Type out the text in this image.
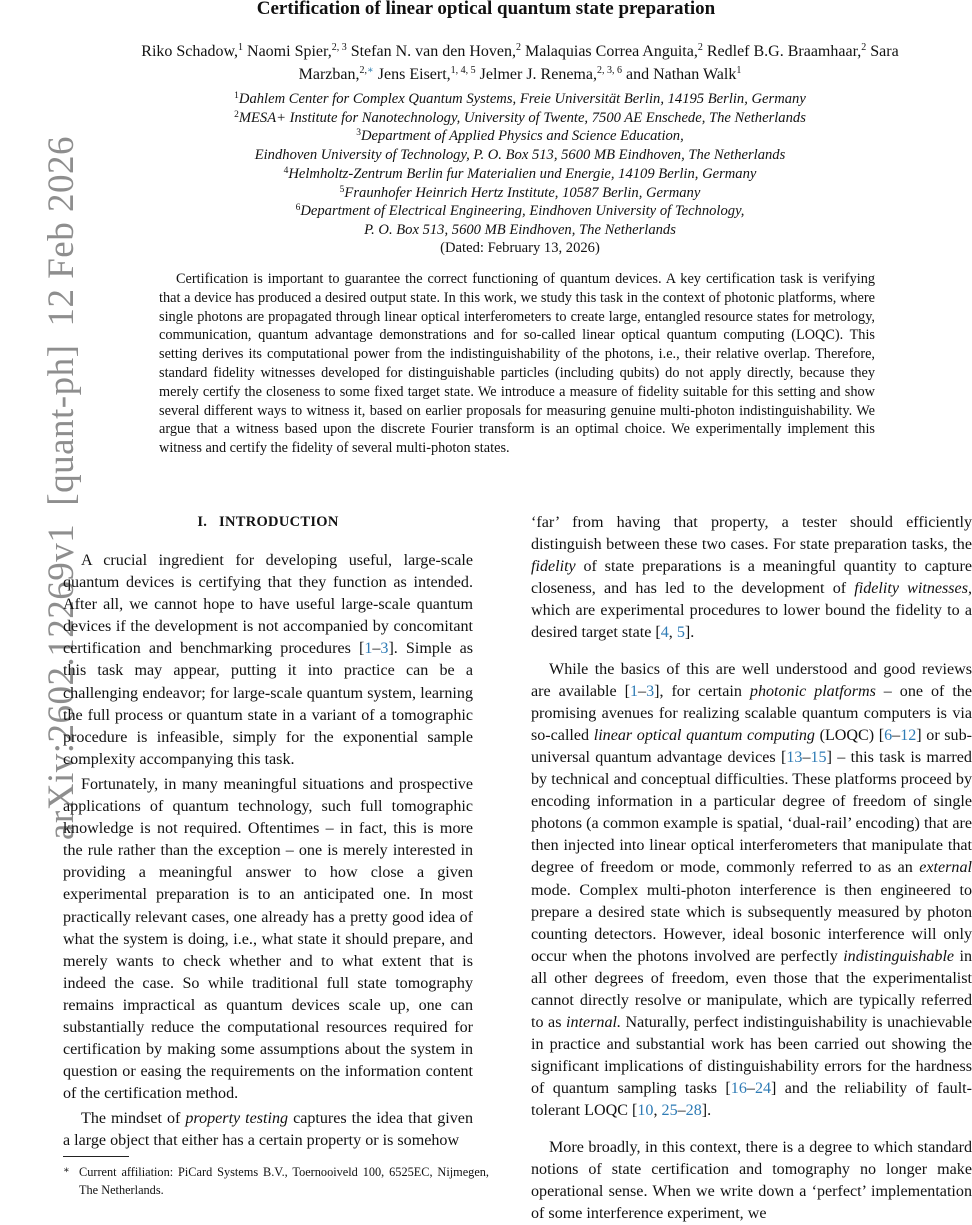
arXiv:2602.12269v1[quant-ph]12 Feb 2026
Certification of linear optical quantum state preparation
Riko Schadow,$^1$ Naomi Spier,$^{2, 3}$ Stefan N. van den Hoven,$^2$ Malaquias Correa Anguita,$^2$ Redlef B.G. Braamhaar,$^2$ Sara Marzban,$^{2,∗}$ Jens Eisert,$^{1, 4, 5}$ Jelmer J. Renema,$^{2, 3, 6}$ and Nathan Walk$^1$
$^1$Dahlem Center for Complex Quantum Systems, Freie Universität Berlin, 14195 Berlin, Germany
$^2$MESA+ Institute for Nanotechnology, University of Twente, 7500 AE Enschede, The Netherlands
$^3$Department of Applied Physics and Science Education,
Eindhoven University of Technology, P. O. Box 513, 5600 MB Eindhoven, The Netherlands
$^4$Helmholtz-Zentrum Berlin fur Materialien und Energie, 14109 Berlin, Germany
$^5$Fraunhofer Heinrich Hertz Institute, 10587 Berlin, Germany
$^6$Department of Electrical Engineering, Eindhoven University of Technology,
P. O. Box 513, 5600 MB Eindhoven, The Netherlands
(Dated: February 13, 2026)

Certification is important to guarantee the correct functioning of quantum devices. A key certification task is verifying that a device has produced a desired output state. In this work, we study this task in the context of photonic platforms, where single photons are propagated through linear optical interferometers to create large, entangled resource states for metrology, communication, quantum advantage demonstrations and for so-called linear optical quantum computing (LOQC). This setting derives its computational power from the indistinguishability of the photons, i.e., their relative overlap. Therefore, standard fidelity witnesses developed for distinguishable particles (including qubits) do not apply directly, because they merely certify the closeness to some fixed target state. We introduce a measure of fidelity suitable for this setting and show several different ways to witness it, based on earlier proposals for measuring genuine multi-photon indistinguishability. We argue that a witness based upon the discrete Fourier transform is an optimal choice. We experimentally implement this witness and certify the fidelity of several multi-photon states.

I. INTRODUCTION

A crucial ingredient for developing useful, large-scale quantum devices is certifying that they function as intended. After all, we cannot hope to have useful large-scale quantum devices if the development is not accompanied by concomitant certification and benchmarking procedures [1–3]. Simple as this task may appear, putting it into practice can be a challenging endeavor; for large-scale quantum system, learning the full process or quantum state in a variant of a tomographic procedure is infeasible, simply for the exponential sample complexity accompanying this task.

Fortunately, in many meaningful situations and prospective applications of quantum technology, such full tomographic knowledge is not required. Oftentimes – in fact, this is more the rule rather than the exception – one is merely interested in providing a meaningful answer to how close a given experimental preparation is to an anticipated one. In most practically relevant cases, one already has a pretty good idea of what the system is doing, i.e., what state it should prepare, and merely wants to check whether and to what extent that is indeed the case. So while traditional full state tomography remains impractical as quantum devices scale up, one can substantially reduce the computational resources required for certification by making some assumptions about the system in question or easing the requirements on the information content of the certification method.

The mindset of property testing captures the idea that given a large object that either has a certain property or is somehow

‘far’ from having that property, a tester should efficiently distinguish between these two cases. For state preparation tasks, the fidelity of state preparations is a meaningful quantity to capture closeness, and has led to the development of fidelity witnesses, which are experimental procedures to lower bound the fidelity to a desired target state [4, 5].

While the basics of this are well understood and good reviews are available [1–3], for certain photonic platforms – one of the promising avenues for realizing scalable quantum computers is via so-called linear optical quantum computing (LOQC) [6–12] or sub-universal quantum advantage devices [13–15] – this task is marred by technical and conceptual difficulties. These platforms proceed by encoding information in a particular degree of freedom of single photons (a common example is spatial, ‘dual-rail’ encoding) that are then injected into linear optical interferometers that manipulate that degree of freedom or mode, commonly referred to as an external mode. Complex multi-photon interference is then engineered to prepare a desired state which is subsequently measured by photon counting detectors. However, ideal bosonic interference will only occur when the photons involved are perfectly indistinguishable in all other degrees of freedom, even those that the experimentalist cannot directly resolve or manipulate, which are typically referred to as internal. Naturally, perfect indistinguishability is unachievable in practice and substantial work has been carried out showing the significant implications of distinguishability errors for the hardness of quantum sampling tasks [16–24] and the reliability of fault-tolerant LOQC [10, 25–28].

More broadly, in this context, there is a degree to which standard notions of state certification and tomography no longer make operational sense. When we write down a ‘perfect’ implementation of some interference experiment, we

∗ Current affiliation: PiCard Systems B.V., Toernooiveld 100, 6525EC, Nijmegen, The Netherlands.
